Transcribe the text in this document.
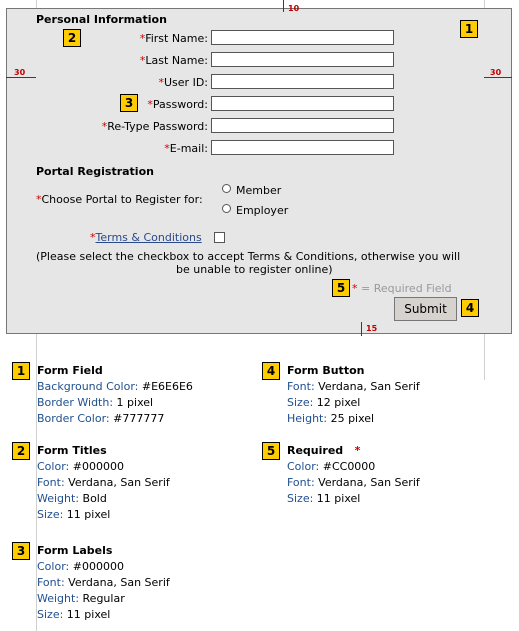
10
30	30
15
Personal Information
*First Name:
*Last Name:
*User ID:
*Password:
*Re-Type Password:
*E-mail:
Portal Registration
*Choose Portal to Register for:
Member
Employer
*Terms & Conditions
(Please select the checkbox to accept Terms & Conditions, otherwise you will
be unable to register online)
* = Required Field
Submit
1
2
3
5
4
1	Form Field
Background Color: #E6E6E6
Border Width: 1 pixel
Border Color: #777777
2	Form Titles
Color: #000000
Font: Verdana, San Serif
Weight: Bold
Size: 11 pixel
3	Form Labels
Color: #000000
Font: Verdana, San Serif
Weight: Regular
Size: 11 pixel
4	Form Button
Font: Verdana, San Serif
Size: 12 pixel
Height: 25 pixel
5	Required *
Color: #CC0000
Font: Verdana, San Serif
Size: 11 pixel
